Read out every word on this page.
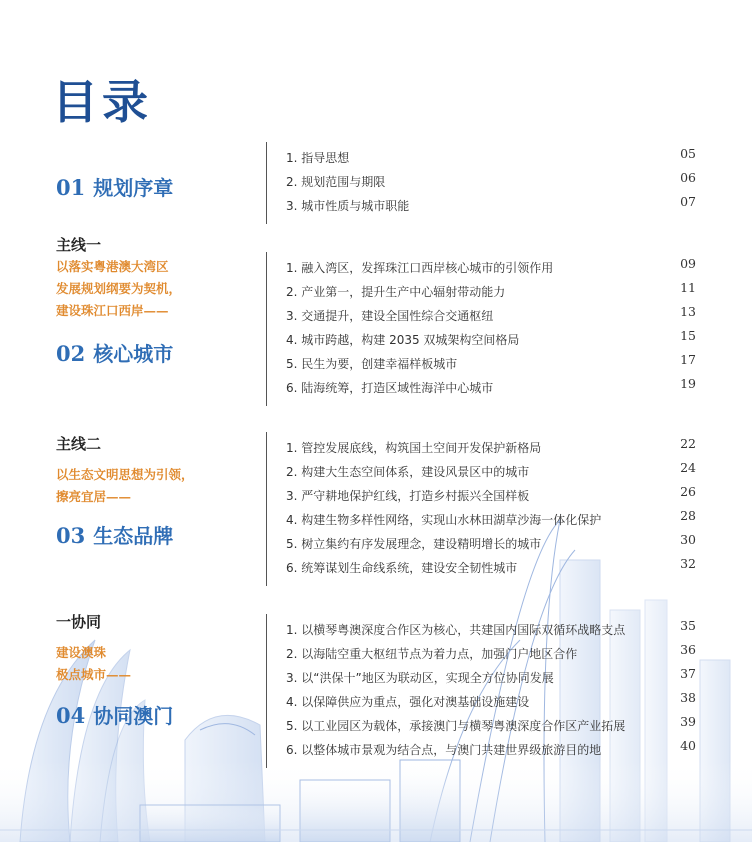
目录

01 规划序章

1. 指导思想	05
2. 规划范围与期限	06
3. 城市性质与城市职能	07

主线一

以落实粤港澳大湾区

发展规划纲要为契机，

建设珠江口西岸——

02 核心城市

1. 融入湾区，发挥珠江口西岸核心城市的引领作用	09
2. 产业第一，提升生产中心辐射带动能力	11
3. 交通提升，建设全国性综合交通枢纽	13
4. 城市跨越，构建 2035 双城架构空间格局	15
5. 民生为要，创建幸福样板城市	17
6. 陆海统筹，打造区域性海洋中心城市	19

主线二

以生态文明思想为引领，

擦亮宜居——

03 生态品牌

1. 管控发展底线，构筑国土空间开发保护新格局	22
2. 构建大生态空间体系，建设风景区中的城市	24
3. 严守耕地保护红线，打造乡村振兴全国样板	26
4. 构建生物多样性网络，实现山水林田湖草沙海一体化保护	28
5. 树立集约有序发展理念，建设精明增长的城市	30
6. 统筹谋划生命线系统，建设安全韧性城市	32

一协同

建设澳珠

极点城市——

04 协同澳门

1. 以横琴粤澳深度合作区为核心，共建国内国际双循环战略支点	35
2. 以海陆空重大枢纽节点为着力点，加强门户地区合作	36
3. 以“洪保十”地区为联动区，实现全方位协同发展	37
4. 以保障供应为重点，强化对澳基础设施建设	38
5. 以工业园区为载体，承接澳门与横琴粤澳深度合作区产业拓展	39
6. 以整体城市景观为结合点，与澳门共建世界级旅游目的地	40
